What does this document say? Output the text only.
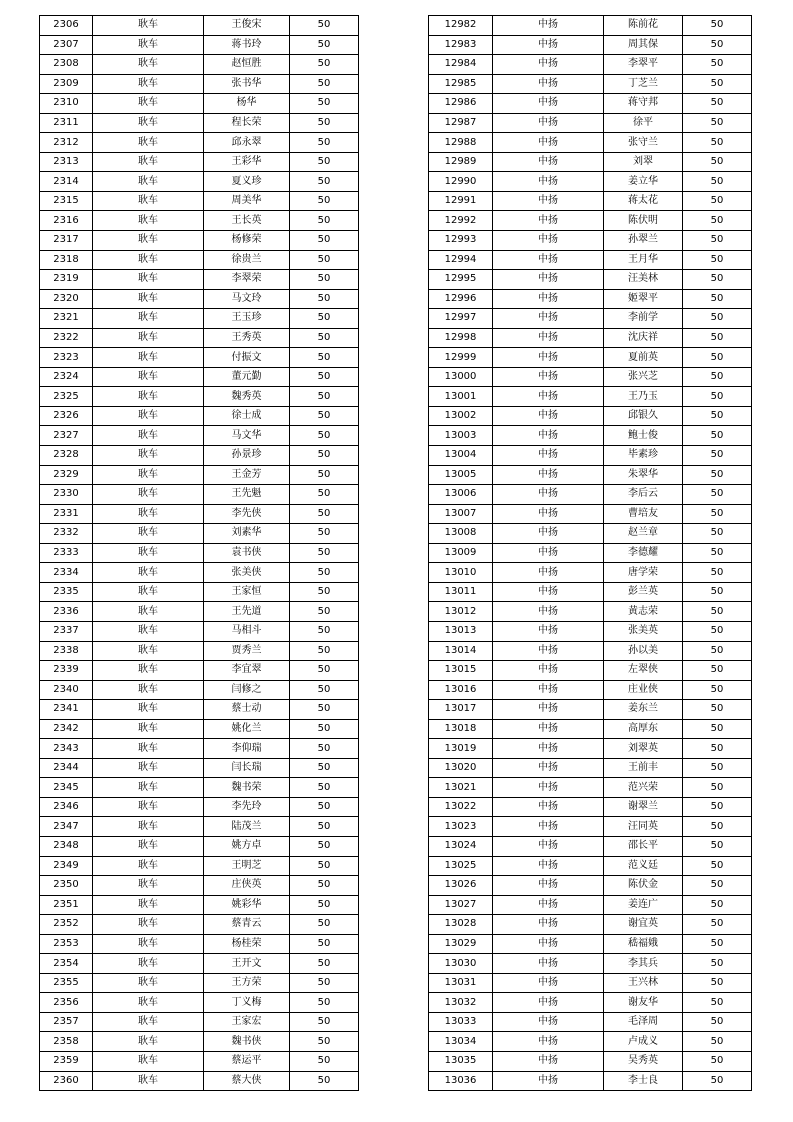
2306	耿车	王俊宋	50
2307	耿车	蒋书玲	50
2308	耿车	赵恒胜	50
2309	耿车	张书华	50
2310	耿车	杨华	50
2311	耿车	程长荣	50
2312	耿车	邱永翠	50
2313	耿车	王彩华	50
2314	耿车	夏义珍	50
2315	耿车	周美华	50
2316	耿车	王长英	50
2317	耿车	杨修荣	50
2318	耿车	徐贵兰	50
2319	耿车	李翠荣	50
2320	耿车	马文玲	50
2321	耿车	王玉珍	50
2322	耿车	王秀英	50
2323	耿车	付振文	50
2324	耿车	董元勤	50
2325	耿车	魏秀英	50
2326	耿车	徐士成	50
2327	耿车	马文华	50
2328	耿车	孙景珍	50
2329	耿车	王金芳	50
2330	耿车	王先魁	50
2331	耿车	李先侠	50
2332	耿车	刘素华	50
2333	耿车	袁书侠	50
2334	耿车	张美侠	50
2335	耿车	王家恒	50
2336	耿车	王先道	50
2337	耿车	马相斗	50
2338	耿车	贾秀兰	50
2339	耿车	李宜翠	50
2340	耿车	闫修之	50
2341	耿车	蔡士动	50
2342	耿车	姚化兰	50
2343	耿车	李仰瑞	50
2344	耿车	闫长瑞	50
2345	耿车	魏书荣	50
2346	耿车	李先玲	50
2347	耿车	陆茂兰	50
2348	耿车	姚方卓	50
2349	耿车	王明芝	50
2350	耿车	庄侠英	50
2351	耿车	姚彩华	50
2352	耿车	蔡青云	50
2353	耿车	杨桂荣	50
2354	耿车	王开文	50
2355	耿车	王方荣	50
2356	耿车	丁义梅	50
2357	耿车	王家宏	50
2358	耿车	魏书侠	50
2359	耿车	蔡运平	50
2360	耿车	蔡大侠	50
12982	中扬	陈前花	50
12983	中扬	周其保	50
12984	中扬	李翠平	50
12985	中扬	丁芝兰	50
12986	中扬	蒋守邦	50
12987	中扬	徐平	50
12988	中扬	张守兰	50
12989	中扬	刘翠	50
12990	中扬	姜立华	50
12991	中扬	蒋太花	50
12992	中扬	陈伏明	50
12993	中扬	孙翠兰	50
12994	中扬	王月华	50
12995	中扬	汪美林	50
12996	中扬	姬翠平	50
12997	中扬	李前学	50
12998	中扬	沈庆祥	50
12999	中扬	夏前英	50
13000	中扬	张兴芝	50
13001	中扬	王乃玉	50
13002	中扬	邱银久	50
13003	中扬	鲍士俊	50
13004	中扬	毕素珍	50
13005	中扬	朱翠华	50
13006	中扬	李后云	50
13007	中扬	曹培友	50
13008	中扬	赵兰章	50
13009	中扬	李德耀	50
13010	中扬	唐学荣	50
13011	中扬	彭兰英	50
13012	中扬	黄志荣	50
13013	中扬	张美英	50
13014	中扬	孙以美	50
13015	中扬	左翠侠	50
13016	中扬	庄业侠	50
13017	中扬	姜东兰	50
13018	中扬	高厚东	50
13019	中扬	刘翠英	50
13020	中扬	王前丰	50
13021	中扬	范兴荣	50
13022	中扬	谢翠兰	50
13023	中扬	汪同英	50
13024	中扬	邵长平	50
13025	中扬	范义廷	50
13026	中扬	陈伏金	50
13027	中扬	姜连广	50
13028	中扬	谢宜英	50
13029	中扬	嵇福娥	50
13030	中扬	李其兵	50
13031	中扬	王兴林	50
13032	中扬	谢友华	50
13033	中扬	毛泽周	50
13034	中扬	卢成义	50
13035	中扬	吴秀英	50
13036	中扬	李士良	50
